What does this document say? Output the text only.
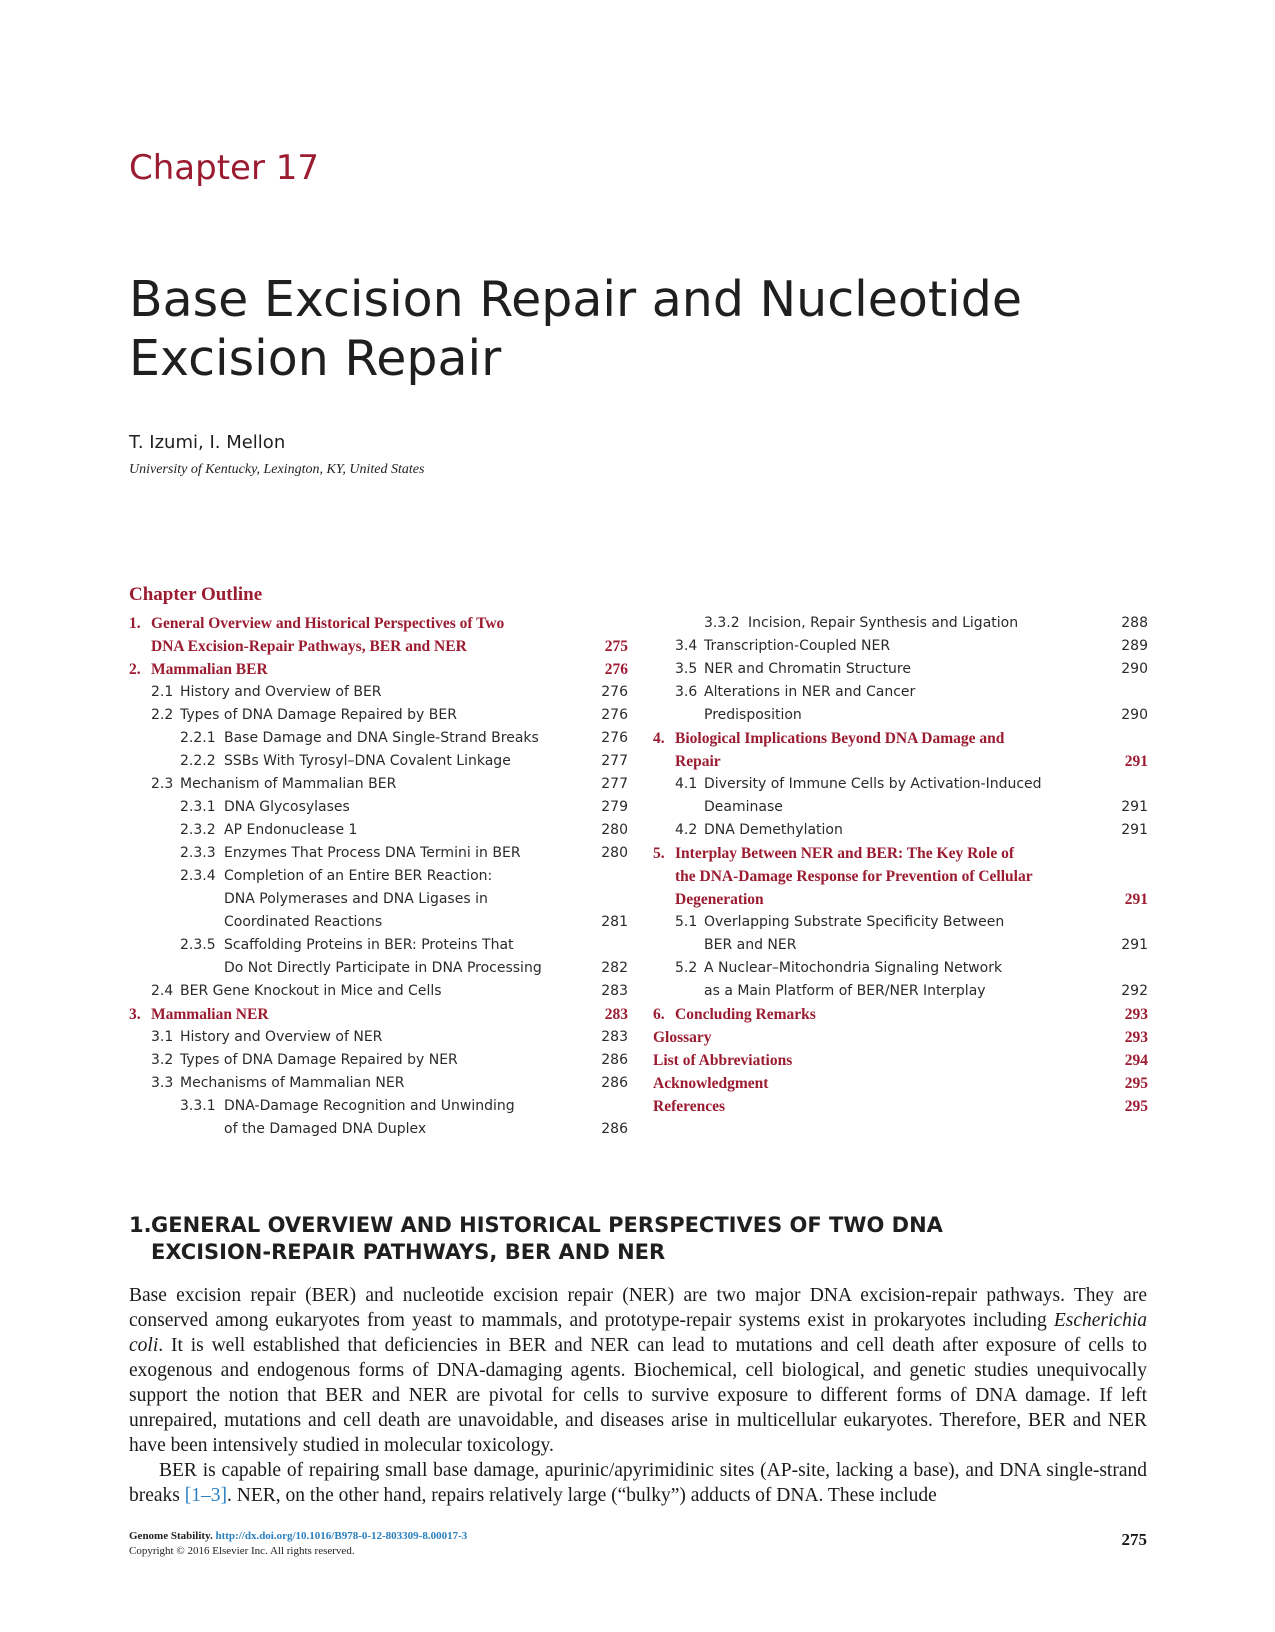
Chapter 17
Base Excision Repair and Nucleotide
Excision Repair
T. Izumi, I. Mellon
University of Kentucky, Lexington, KY, United States
Chapter Outline
1. General Overview and Historical Perspectives of Two
DNA Excision-Repair Pathways, BER and NER	275
2. Mammalian BER	276
2.1 History and Overview of BER	276
2.2 Types of DNA Damage Repaired by BER	276
2.2.1 Base Damage and DNA Single-Strand Breaks	276
2.2.2 SSBs With Tyrosyl–DNA Covalent Linkage	277
2.3 Mechanism of Mammalian BER	277
2.3.1 DNA Glycosylases	279
2.3.2 AP Endonuclease 1	280
2.3.3 Enzymes That Process DNA Termini in BER	280
2.3.4 Completion of an Entire BER Reaction:
DNA Polymerases and DNA Ligases in
Coordinated Reactions	281
2.3.5 Scaffolding Proteins in BER: Proteins That
Do Not Directly Participate in DNA Processing	282
2.4 BER Gene Knockout in Mice and Cells	283
3. Mammalian NER	283
3.1 History and Overview of NER	283
3.2 Types of DNA Damage Repaired by NER	286
3.3 Mechanisms of Mammalian NER	286
3.3.1 DNA-Damage Recognition and Unwinding
of the Damaged DNA Duplex	286
3.3.2 Incision, Repair Synthesis and Ligation	288
3.4 Transcription-Coupled NER	289
3.5 NER and Chromatin Structure	290
3.6 Alterations in NER and Cancer
Predisposition	290
4. Biological Implications Beyond DNA Damage and
Repair	291
4.1 Diversity of Immune Cells by Activation-Induced
Deaminase	291
4.2 DNA Demethylation	291
5. Interplay Between NER and BER: The Key Role of
the DNA-Damage Response for Prevention of Cellular
Degeneration	291
5.1 Overlapping Substrate Specificity Between
BER and NER	291
5.2 A Nuclear–Mitochondria Signaling Network
as a Main Platform of BER/NER Interplay	292
6. Concluding Remarks	293
Glossary	293
List of Abbreviations	294
Acknowledgment	295
References	295
1. GENERAL OVERVIEW AND HISTORICAL PERSPECTIVES OF TWO DNA
EXCISION-REPAIR PATHWAYS, BER AND NER

Base excision repair (BER) and nucleotide excision repair (NER) are two major DNA excision-repair pathways. They are conserved among eukaryotes from yeast to mammals, and prototype-repair systems exist in prokaryotes including Escherichia coli. It is well established that deficiencies in BER and NER can lead to mutations and cell death after exposure of cells to exogenous and endogenous forms of DNA-damaging agents. Biochemical, cell biological, and genetic studies unequivocally support the notion that BER and NER are pivotal for cells to survive exposure to different forms of DNA damage. If left unrepaired, mutations and cell death are unavoidable, and diseases arise in multicellular eukaryotes. Therefore, BER and NER have been intensively studied in molecular toxicology.

BER is capable of repairing small base damage, apurinic/apyrimidinic sites (AP-site, lacking a base), and DNA single-strand breaks [1–3]. NER, on the other hand, repairs relatively large (“bulky”) adducts of DNA. These include

Genome Stability. http://dx.doi.org/10.1016/B978-0-12-803309-8.00017-3
Copyright © 2016 Elsevier Inc. All rights reserved.
275
